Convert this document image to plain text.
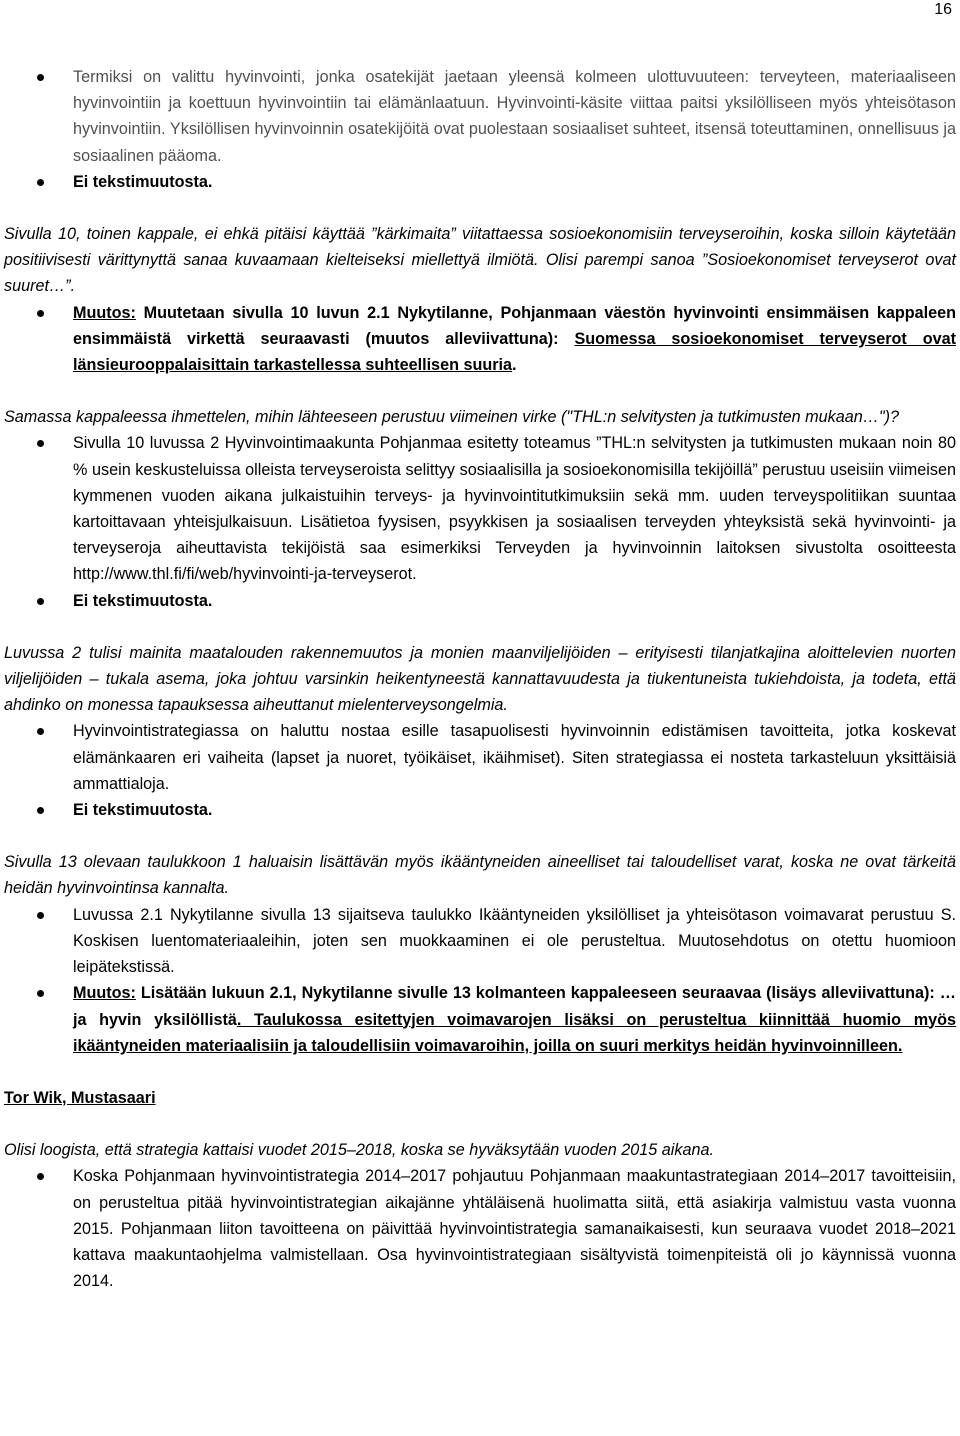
16
Termiksi on valittu hyvinvointi, jonka osatekijät jaetaan yleensä kolmeen ulottuvuuteen: terveyteen, materiaaliseen hyvinvointiin ja koettuun hyvinvointiin tai elämänlaatuun. Hyvinvointi-käsite viittaa paitsi yksilölliseen myös yhteisötason hyvinvointiin. Yksilöllisen hyvinvoinnin osatekijöitä ovat puolestaan sosiaaliset suhteet, itsensä toteuttaminen, onnellisuus ja sosiaalinen pääoma.
Ei tekstimuutosta.

Sivulla 10, toinen kappale, ei ehkä pitäisi käyttää ”kärkimaita” viitattaessa sosioekonomisiin terveyseroihin, koska silloin käytetään positiivisesti värittynyttä sanaa kuvaamaan kielteiseksi miellettyä ilmiötä. Olisi parempi sanoa ”Sosioekonomiset terveyserot ovat suuret…”.

Muutos: Muutetaan sivulla 10 luvun 2.1 Nykytilanne, Pohjanmaan väestön hyvinvointi ensimmäisen kappaleen ensimmäistä virkettä seuraavasti (muutos alleviivattuna): Suomessa sosioekonomiset terveyserot ovat länsieurooppalaisittain tarkastellessa suhteellisen suuria.

Samassa kappaleessa ihmettelen, mihin lähteeseen perustuu viimeinen virke ("THL:n selvitysten ja tutkimusten mukaan…")?

Sivulla 10 luvussa 2 Hyvinvointimaakunta Pohjanmaa esitetty toteamus ”THL:n selvitysten ja tutkimusten mukaan noin 80 % usein keskusteluissa olleista terveyseroista selittyy sosiaalisilla ja sosioekonomisilla tekijöillä” perustuu useisiin viimeisen kymmenen vuoden aikana julkaistuihin terveys- ja hyvinvointitutkimuksiin sekä mm. uuden terveyspolitiikan suuntaa kartoittavaan yhteisjulkaisuun. Lisätietoa fyysisen, psyykkisen ja sosiaalisen terveyden yhteyksistä sekä hyvinvointi- ja terveyseroja aiheuttavista tekijöistä saa esimerkiksi Terveyden ja hyvinvoinnin laitoksen sivustolta osoitteesta http://www.thl.fi/fi/web/hyvinvointi-ja-terveyserot.
Ei tekstimuutosta.

Luvussa 2 tulisi mainita maatalouden rakennemuutos ja monien maanviljelijöiden – erityisesti tilanjatkajina aloittelevien nuorten viljelijöiden – tukala asema, joka johtuu varsinkin heikentyneestä kannattavuudesta ja tiukentuneista tukiehdoista, ja todeta, että ahdinko on monessa tapauksessa aiheuttanut mielenterveysongelmia.

Hyvinvointistrategiassa on haluttu nostaa esille tasapuolisesti hyvinvoinnin edistämisen tavoitteita, jotka koskevat elämänkaaren eri vaiheita (lapset ja nuoret, työikäiset, ikäihmiset). Siten strategiassa ei nosteta tarkasteluun yksittäisiä ammattialoja.
Ei tekstimuutosta.

Sivulla 13 olevaan taulukkoon 1 haluaisin lisättävän myös ikääntyneiden aineelliset tai taloudelliset varat, koska ne ovat tärkeitä heidän hyvinvointinsa kannalta.

Luvussa 2.1 Nykytilanne sivulla 13 sijaitseva taulukko Ikääntyneiden yksilölliset ja yhteisötason voimavarat perustuu S. Koskisen luentomateriaaleihin, joten sen muokkaaminen ei ole perusteltua. Muutosehdotus on otettu huomioon leipätekstissä.
Muutos: Lisätään lukuun 2.1, Nykytilanne sivulle 13 kolmanteen kappaleeseen seuraavaa (lisäys alleviivattuna): … ja hyvin yksilöllistä. Taulukossa esitettyjen voimavarojen lisäksi on perusteltua kiinnittää huomio myös ikääntyneiden materiaalisiin ja taloudellisiin voimavaroihin, joilla on suuri merkitys heidän hyvinvoinnilleen.

Tor Wik, Mustasaari

Olisi loogista, että strategia kattaisi vuodet 2015–2018, koska se hyväksytään vuoden 2015 aikana.

Koska Pohjanmaan hyvinvointistrategia 2014–2017 pohjautuu Pohjanmaan maakuntastrategiaan 2014–2017 tavoitteisiin, on perusteltua pitää hyvinvointistrategian aikajänne yhtäläisenä huolimatta siitä, että asiakirja valmistuu vasta vuonna 2015. Pohjanmaan liiton tavoitteena on päivittää hyvinvointistrategia samanaikaisesti, kun seuraava vuodet 2018–2021 kattava maakuntaohjelma valmistellaan. Osa hyvinvointistrategiaan sisältyvistä toimenpiteistä oli jo käynnissä vuonna 2014.
